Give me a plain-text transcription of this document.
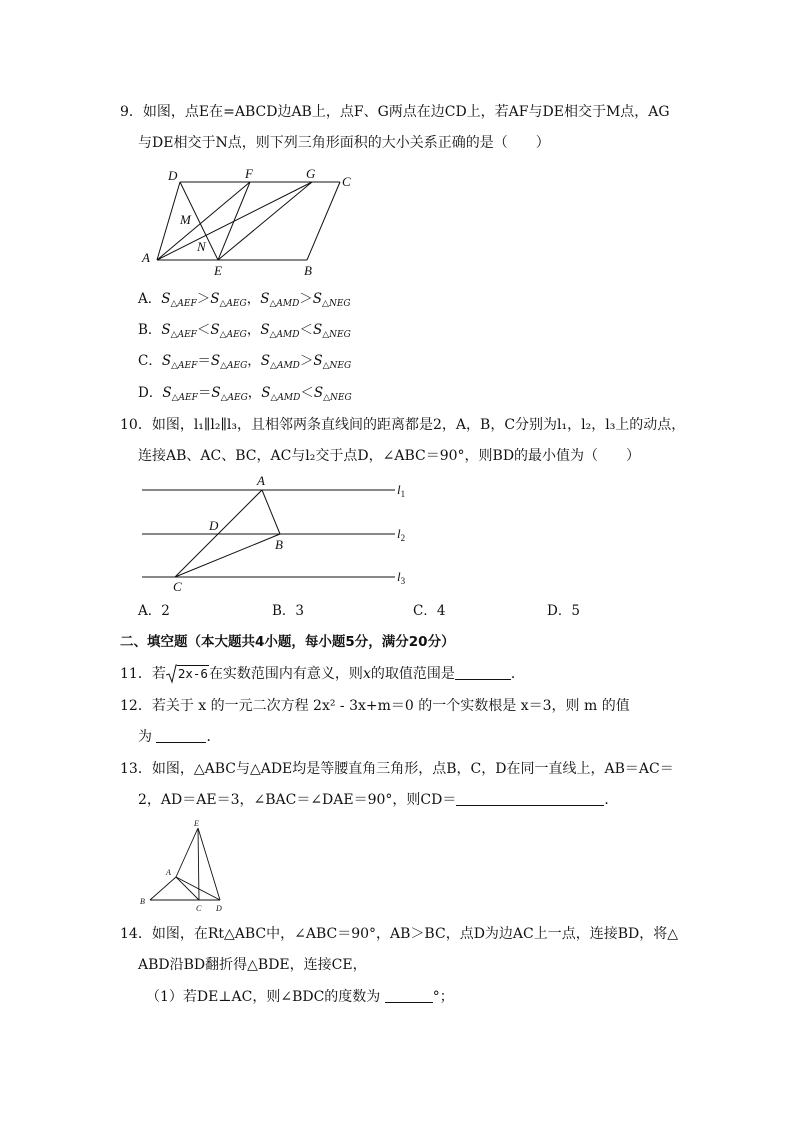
9．如图，点E在=ABCD边AB上，点F、G两点在边CD上，若AF与DE相交于M点，AG
与DE相交于N点，则下列三角形面积的大小关系正确的是（　　）
D	F	G
C
M
N
A
E	B
A．$S_{\triangle AEF}>S_{\triangle AEG}$，$S_{\triangle AMD}>S_{\triangle NEG}$
B．$S_{\triangle AEF}<S_{\triangle AEG}$，$S_{\triangle AMD}<S_{\triangle NEG}$
C．$S_{\triangle AEF}=S_{\triangle AEG}$，$S_{\triangle AMD}>S_{\triangle NEG}$
D．$S_{\triangle AEF}=S_{\triangle AEG}$，$S_{\triangle AMD}<S_{\triangle NEG}$
10．如图，l₁∥l₂∥l₃，且相邻两条直线间的距离都是2，A，B，C分别为l₁，l₂，l₃上的动点，
连接AB、AC、BC，AC与l₂交于点D，∠ABC＝90°，则BD的最小值为（　　）
A
D
B
C
$l_1$
$l_2$
$l_3$
A．2	B．3	C．4	D．5
二、填空题（本大题共4小题，每小题5分，满分20分）
11．若 2x-6在实数范围内有意义，则x的取值范围是	．
12．若关于 x 的一元二次方程 2x² - 3x+m＝0 的一个实数根是 x＝3，则 m 的值
为	．
13．如图，△ABC与△ADE均是等腰直角三角形，点B，C，D在同一直线上，AB＝AC＝
2，AD＝AE＝3，∠BAC＝∠DAE＝90°，则CD＝	．
E
A
B
C D
14．如图，在Rt△ABC中，∠ABC＝90°，AB＞BC，点D为边AC上一点，连接BD，将△
ABD沿BD翻折得△BDE，连接CE，
（1）若DE⊥AC，则∠BDC的度数为	°；
